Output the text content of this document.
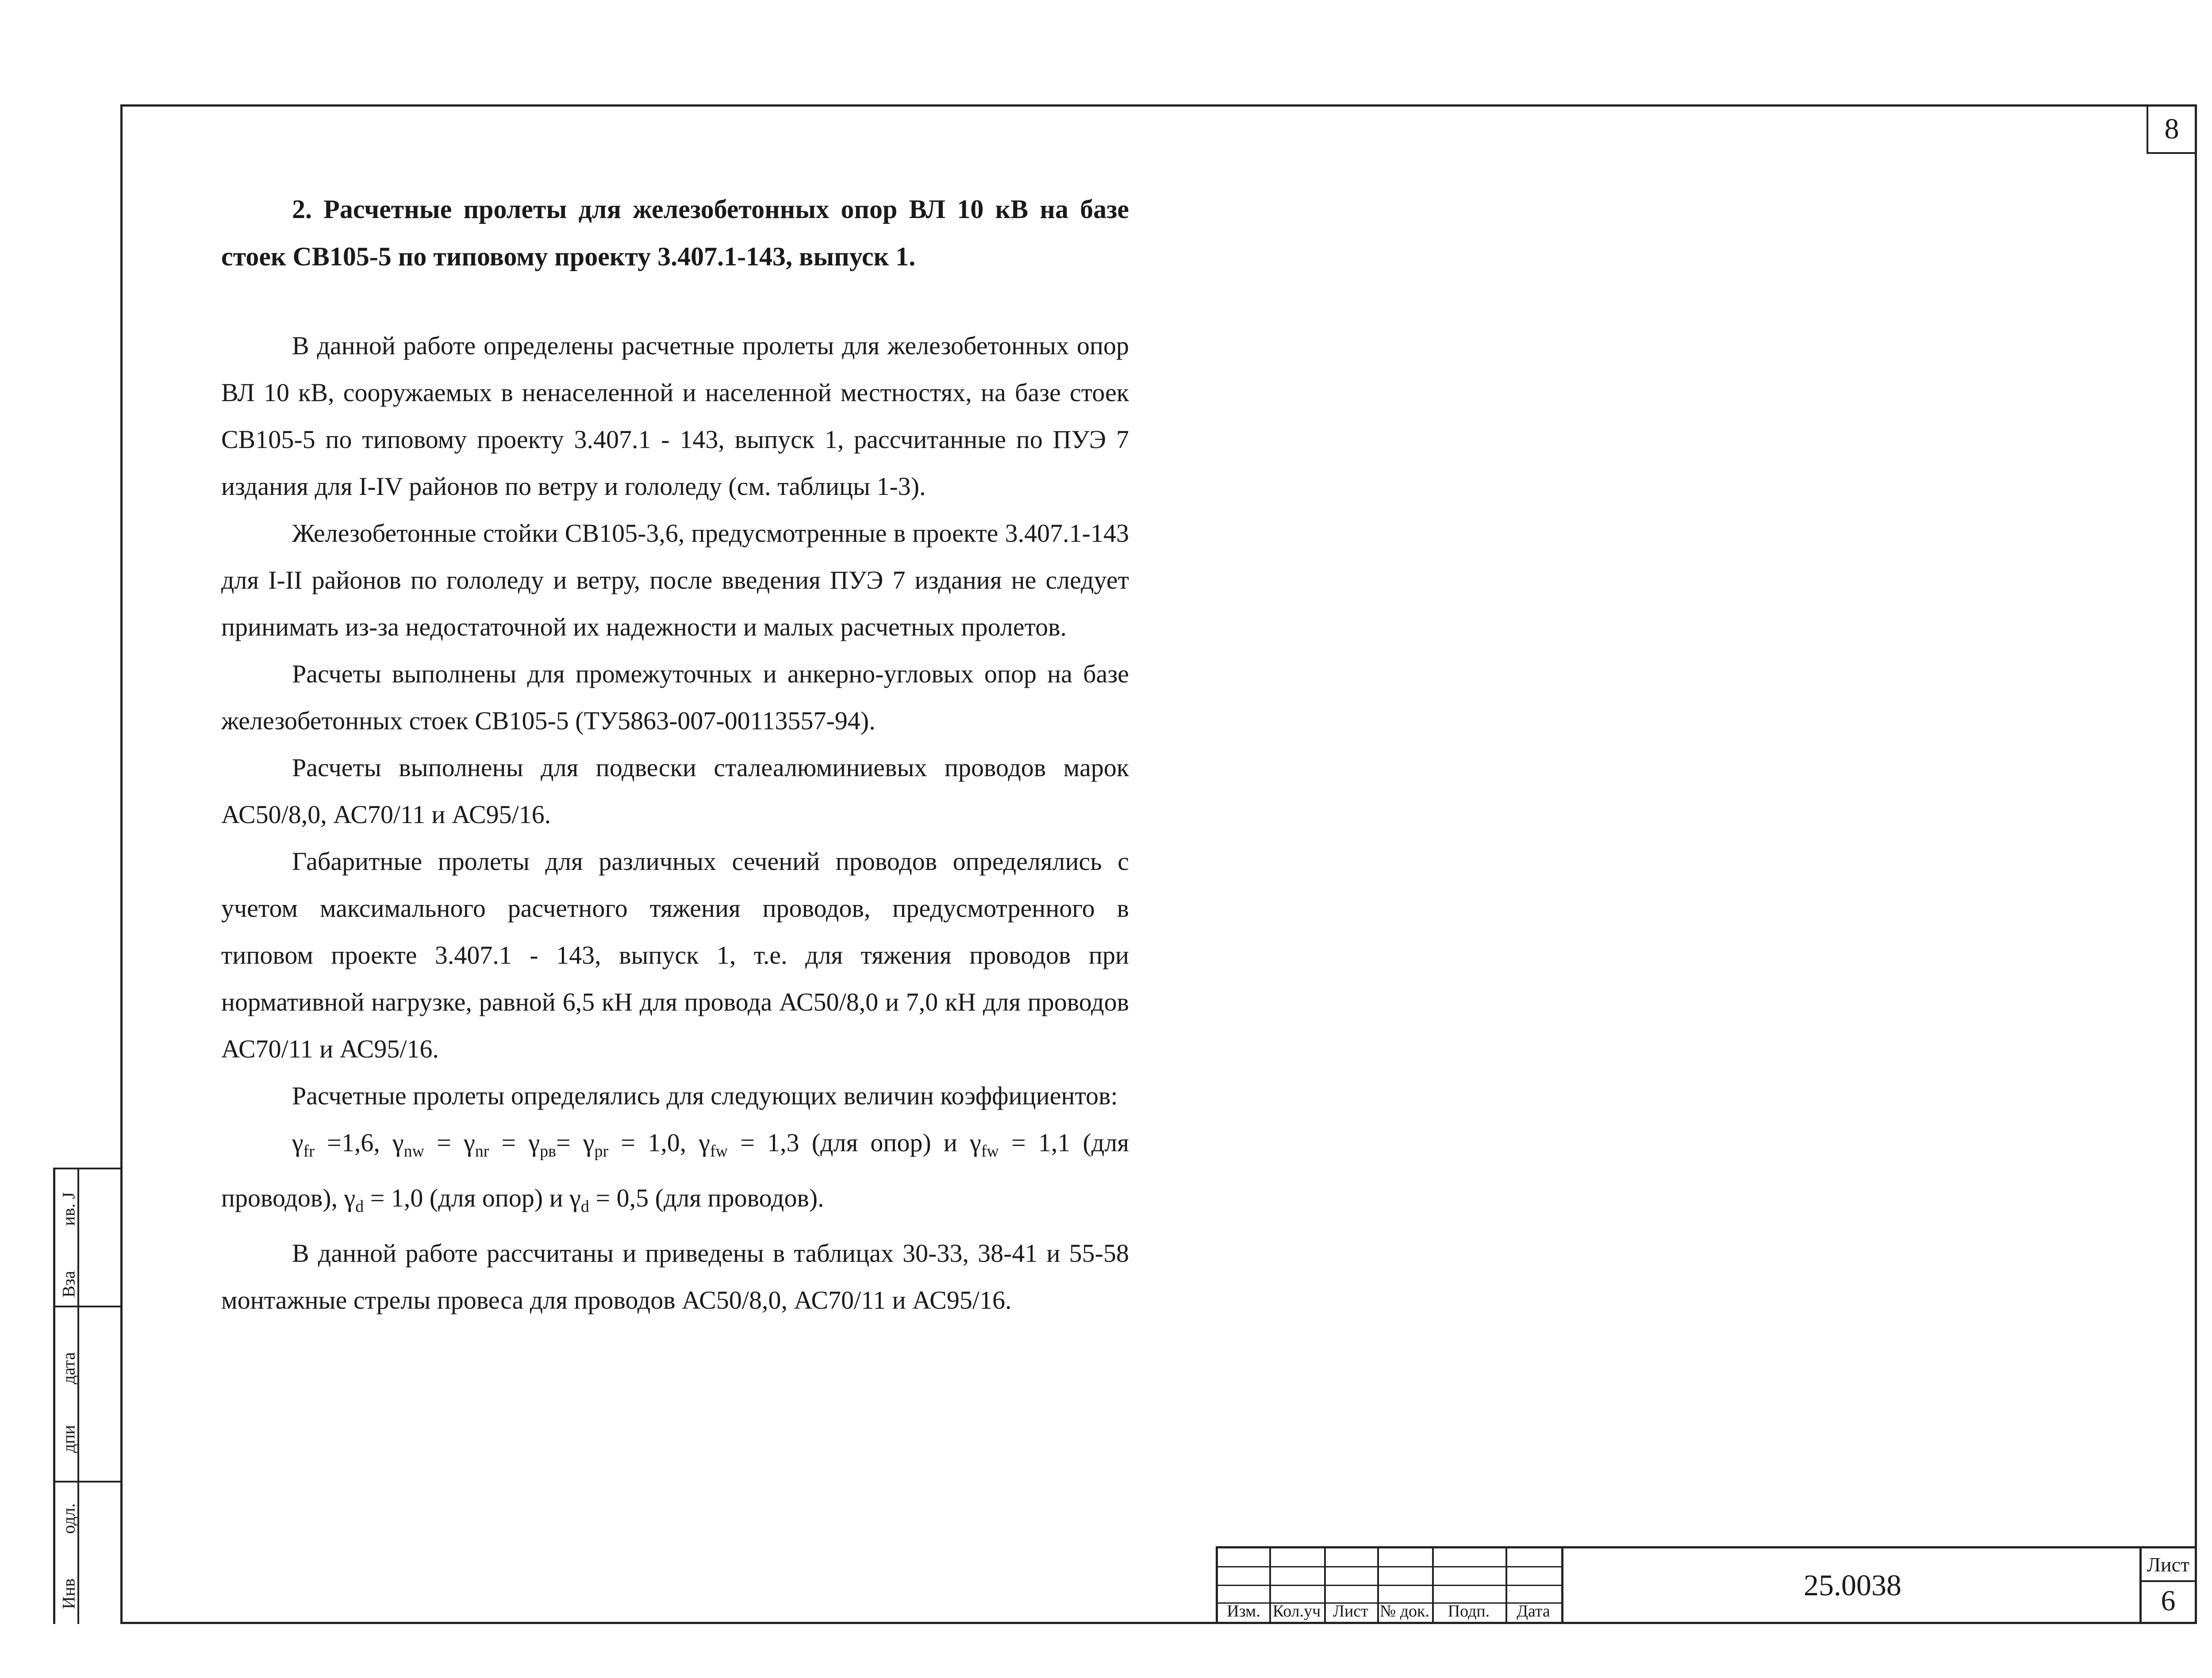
8

2. Расчетные пролеты для железобетонных опор ВЛ 10 кВ на базе
стоек СВ105-5 по типовому проекту 3.407.1-143, выпуск 1.

В данной работе определены расчетные пролеты для железобетонных опор ВЛ 10 кВ, сооружаемых в ненаселенной и населенной местностях, на базе стоек СВ105-5 по типовому проекту 3.407.1 - 143, выпуск 1, рассчитанные по ПУЭ 7 издания для I-IV районов по ветру и гололеду (см. таблицы 1-3).

Железобетонные стойки СВ105-3,6, предусмотренные в проекте 3.407.1-143 для I-II районов по гололеду и ветру, после введения ПУЭ 7 издания не следует принимать из-за недостаточной их надежности и малых расчетных пролетов.

Расчеты выполнены для промежуточных и анкерно-угловых опор на базе железобетонных стоек СВ105-5 (ТУ5863-007-00113557-94).

Расчеты выполнены для подвески сталеалюминиевых проводов марок АС50/8,0, АС70/11 и АС95/16.

Габаритные пролеты для различных сечений проводов определялись с учетом максимального расчетного тяжения проводов, предусмотренного в типовом проекте 3.407.1 - 143, выпуск 1, т.е. для тяжения проводов при нормативной нагрузке, равной 6,5 кН для провода АС50/8,0 и 7,0 кН для проводов АС70/11 и АС95/16.

Расчетные пролеты определялись для следующих величин коэффициентов:

$\gamma_{fr} =1,6$, $\gamma_{nw} = \gamma_{nr} = \gamma_{рв}= \gamma_{pr} = 1,0$, $\gamma_{fw} = 1,3$ (для опор) и $\gamma_{fw} = 1,1$ (для проводов), $\gamma_d = 1,0$ (для опор) и $\gamma_d = 0,5$ (для проводов).

В данной работе рассчитаны и приведены в таблицах 30-33, 38-41 и 55-58 монтажные стрелы провеса для проводов АС50/8,0, АС70/11 и АС95/16.

Изм. Кол.уч Лист № док.	Подп.	Дата
25.0038
Лист
6
Инв
одл.
дпи
дата
Вза
ив. J
